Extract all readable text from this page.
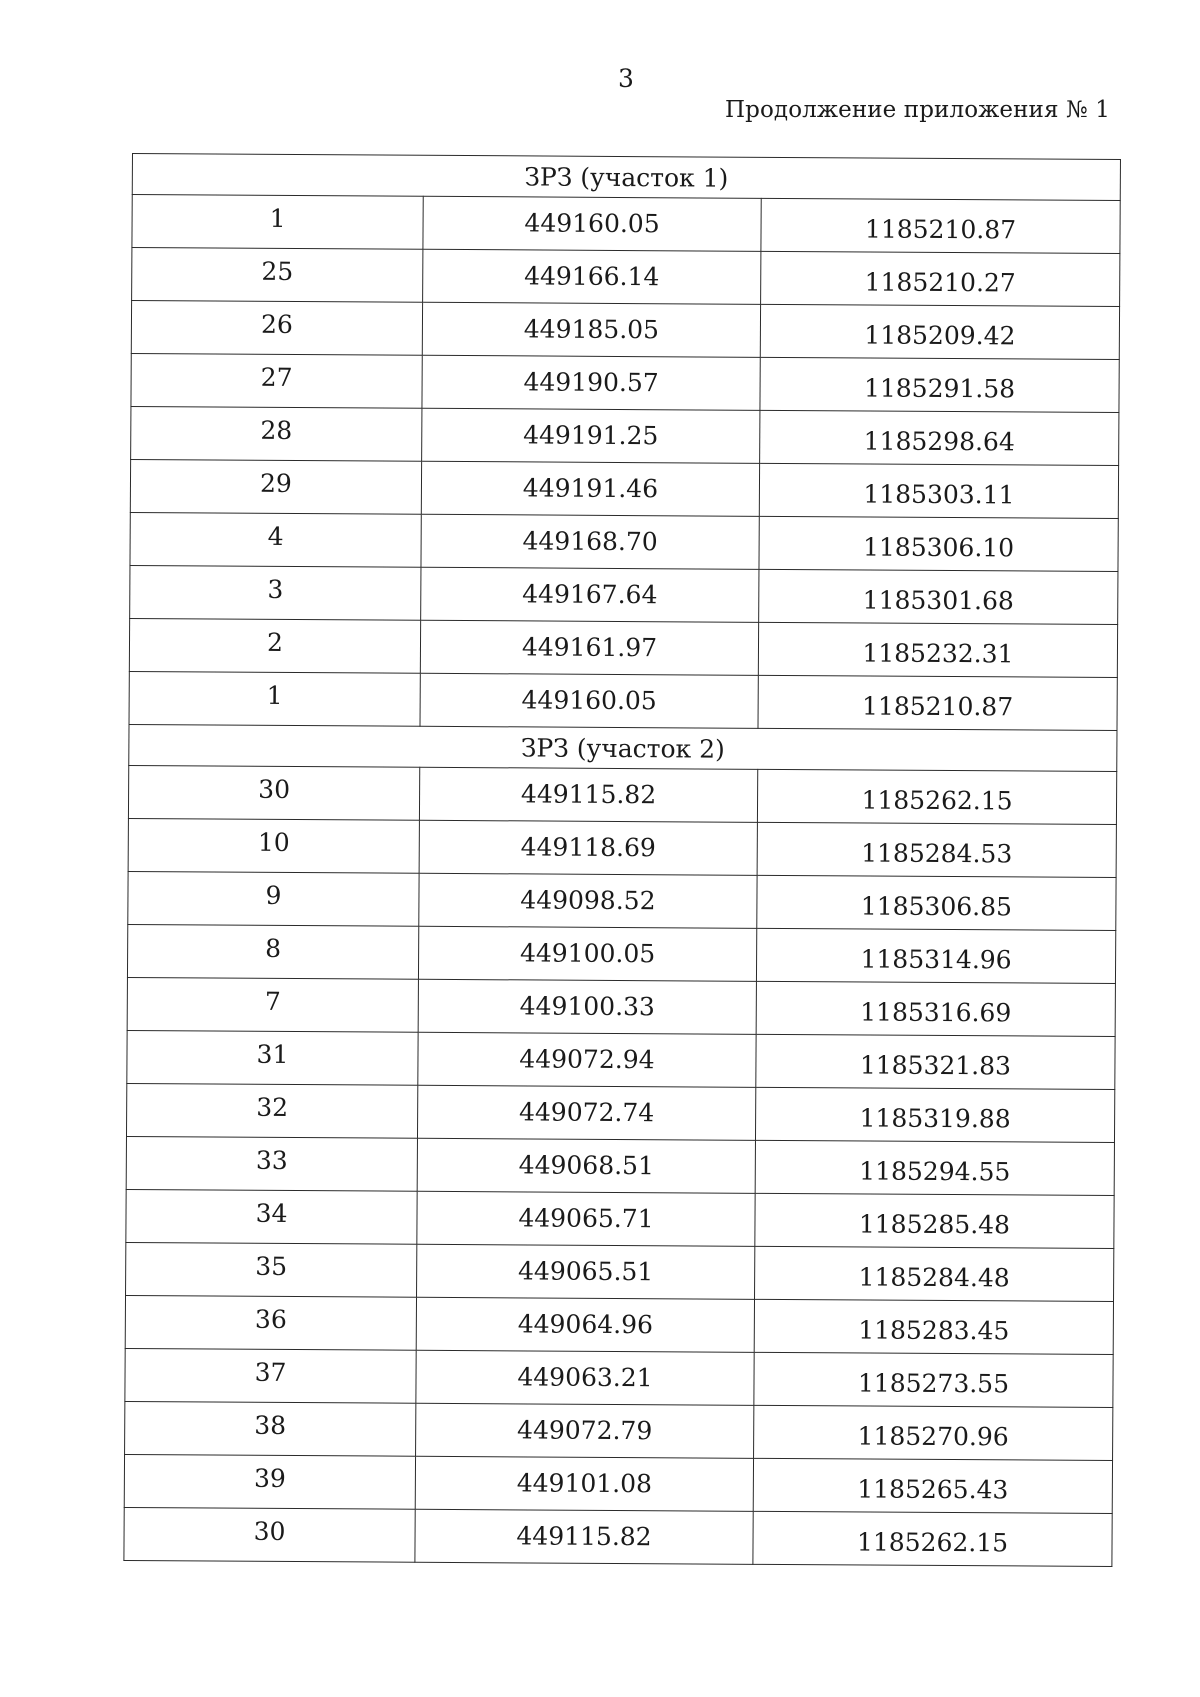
3
Продолжение приложения № 1
ЗРЗ (участок 1)		
1	449160.05	1185210.87
25	449166.14	1185210.27
26	449185.05	1185209.42
27	449190.57	1185291.58
28	449191.25	1185298.64
29	449191.46	1185303.11
4	449168.70	1185306.10
3	449167.64	1185301.68
2	449161.97	1185232.31
1	449160.05	1185210.87
ЗРЗ (участок 2)		
30	449115.82	1185262.15
10	449118.69	1185284.53
9	449098.52	1185306.85
8	449100.05	1185314.96
7	449100.33	1185316.69
31	449072.94	1185321.83
32	449072.74	1185319.88
33	449068.51	1185294.55
34	449065.71	1185285.48
35	449065.51	1185284.48
36	449064.96	1185283.45
37	449063.21	1185273.55
38	449072.79	1185270.96
39	449101.08	1185265.43
30	449115.82	1185262.15
